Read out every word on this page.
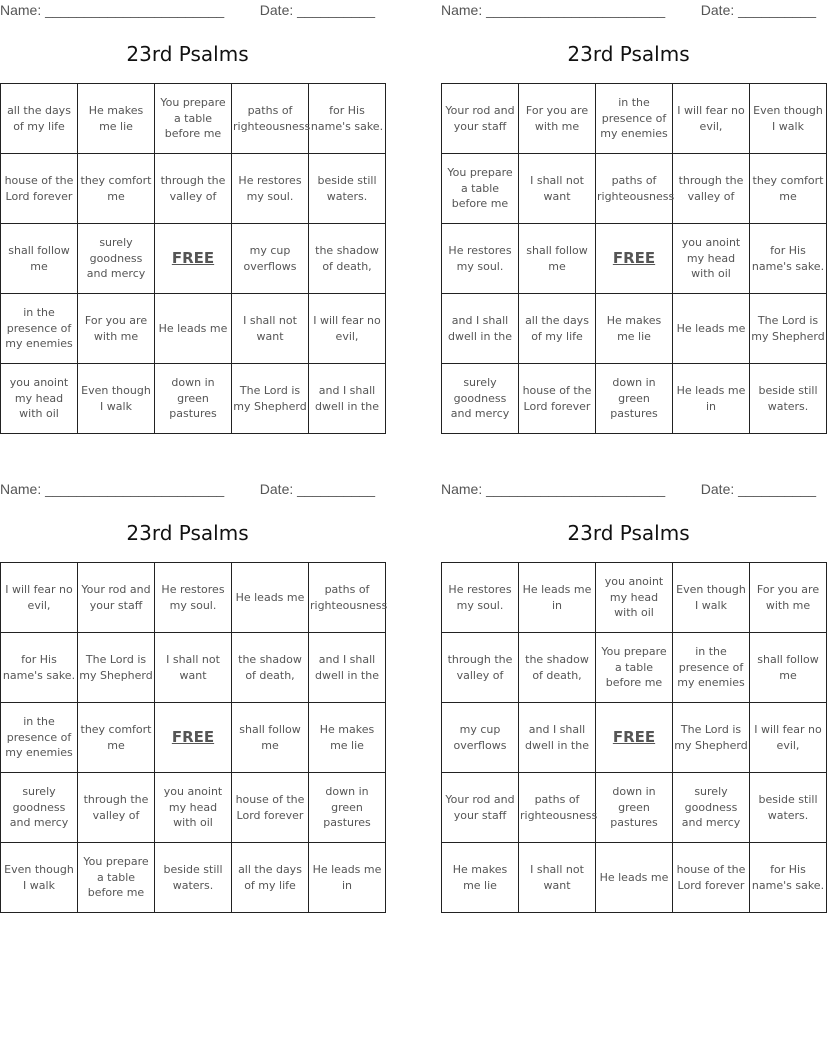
Name: _______________________	Date: __________
23rd Psalms
all the days of my life	He makes me lie	You prepare a table before me	paths of righteousness	for His name's sake.
house of the Lord forever	they comfort me	through the valley of	He restores my soul.	beside still waters.
shall follow me	surely goodness and mercy	FREE	my cup overflows	the shadow of death,
in the presence of my enemies	For you are with me	He leads me	I shall not want	I will fear no evil,
you anoint my head with oil	Even though I walk	down in green pastures	The Lord is my Shepherd	and I shall dwell in the
Name: _______________________	Date: __________
23rd Psalms
Your rod and your staff	For you are with me	in the presence of my enemies	I will fear no evil,	Even though I walk
You prepare a table before me	I shall not want	paths of righteousness	through the valley of	they comfort me
He restores my soul.	shall follow me	FREE	you anoint my head with oil	for His name's sake.
and I shall dwell in the	all the days of my life	He makes me lie	He leads me	The Lord is my Shepherd
surely goodness and mercy	house of the Lord forever	down in green pastures	He leads me in	beside still waters.
Name: _______________________	Date: __________
23rd Psalms
I will fear no evil,	Your rod and your staff	He restores my soul.	He leads me	paths of righteousness
for His name's sake.	The Lord is my Shepherd	I shall not want	the shadow of death,	and I shall dwell in the
in the presence of my enemies	they comfort me	FREE	shall follow me	He makes me lie
surely goodness and mercy	through the valley of	you anoint my head with oil	house of the Lord forever	down in green pastures
Even though I walk	You prepare a table before me	beside still waters.	all the days of my life	He leads me in
Name: _______________________	Date: __________
23rd Psalms
He restores my soul.	He leads me in	you anoint my head with oil	Even though I walk	For you are with me
through the valley of	the shadow of death,	You prepare a table before me	in the presence of my enemies	shall follow me
my cup overflows	and I shall dwell in the	FREE	The Lord is my Shepherd	I will fear no evil,
Your rod and your staff	paths of righteousness	down in green pastures	surely goodness and mercy	beside still waters.
He makes me lie	I shall not want	He leads me	house of the Lord forever	for His name's sake.
